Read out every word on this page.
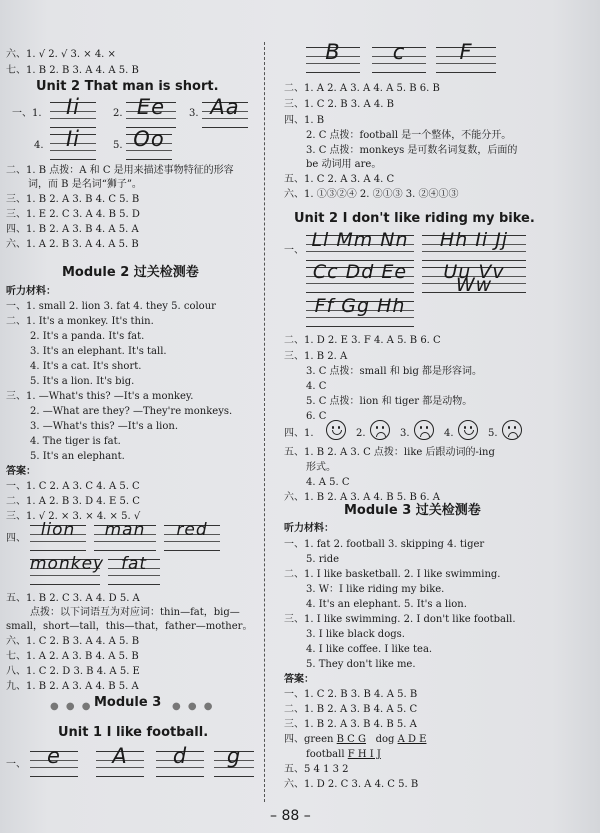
六、1. √ 2. √ 3. × 4. ×
七、1. B 2. B 3. A 4. A 5. B
Unit 2 That man is short.
一、1.	Ii	2. Ee	3. Aa
4.	Ii	5. Oo
二、1. B 点拨：A 和 C 是用来描述事物特征的形容
词，而 B 是名词“狮子”。
三、1. B 2. A 3. B 4. C 5. B
三、1. E 2. C 3. A 4. B 5. D
四、1. B 2. A 3. B 4. A 5. A
六、1. A 2. B 3. A 4. A 5. B
Module 2 过关检测卷
听力材料：
一、1. small 2. lion 3. fat 4. they 5. colour
二、1. It's a monkey. It's thin.
2. It's a panda. It's fat.
3. It's an elephant. It's tall.
4. It's a cat. It's short.
5. It's a lion. It's big.
三、1. —What's this? —It's a monkey.
2. —What are they? —They're monkeys.
3. —What's this? —It's a lion.
4. The tiger is fat.
5. It's an elephant.
答案：
一、1. C 2. A 3. C 4. A 5. C
二、1. A 2. B 3. D 4. E 5. C
三、1. √ 2. × 3. × 4. × 5. √
四、 lion	man	red
monkey fat
五、1. B 2. C 3. A 4. D 5. A
点拨：以下词语互为对应词：thin—fat，big—
small，short—tall，this—that，father—mother。
六、1. C 2. B 3. A 4. A 5. B
七、1. A 2. A 3. B 4. A 5. B
八、1. C 2. D 3. B 4. A 5. E
九、1. B 2. A 3. A 4. B 5. A
● ● ● Module 3 ● ● ●
Unit 1 I like football.
一、	e	A	d	g
B	c	F
二、1. A 2. A 3. A 4. A 5. B 6. B
三、1. C 2. B 3. A 4. B
四、1. B
2. C 点拨：football 是一个整体，不能分开。
3. C 点拨：monkeys 是可数名词复数，后面的
be 动词用 are。
五、1. C 2. A 3. A 4. C
六、1. ①③②④ 2. ②①③ 3. ②④①③
Unit 2 I don't like riding my bike.
一、 Ll Mm Nn	Hh Ii Jj
Cc Dd Ee	Uu Vv Ww
Ff Gg Hh
二、1. D 2. E 3. F 4. A 5. B 6. C
三、1. B 2. A
3. C 点拨：small 和 big 都是形容词。
4. C
5. C 点拨：lion 和 tiger 都是动物。
6. C
四、1.	2.	3.	4.	5.
五、1. B 2. A 3. C 点拨：like 后跟动词的-ing
形式。
4. A 5. C
六、1. B 2. A 3. A 4. B 5. B 6. A
Module 3 过关检测卷
听力材料：
一、1. fat 2. football 3. skipping 4. tiger
5. ride
二、1. I like basketball. 2. I like swimming.
3. W：I like riding my bike.
4. It's an elephant. 5. It's a lion.
三、1. I like swimming. 2. I don't like football.
3. I like black dogs.
4. I like coffee. I like tea.
5. They don't like me.
答案：
一、1. C 2. B 3. B 4. A 5. B
二、1. B 2. A 3. B 4. A 5. C
三、1. B 2. A 3. B 4. B 5. A
四、green B C G dog A D E
football F H I J
五、5 4 1 3 2
六、1. D 2. C 3. A 4. C 5. B
– 88 –
